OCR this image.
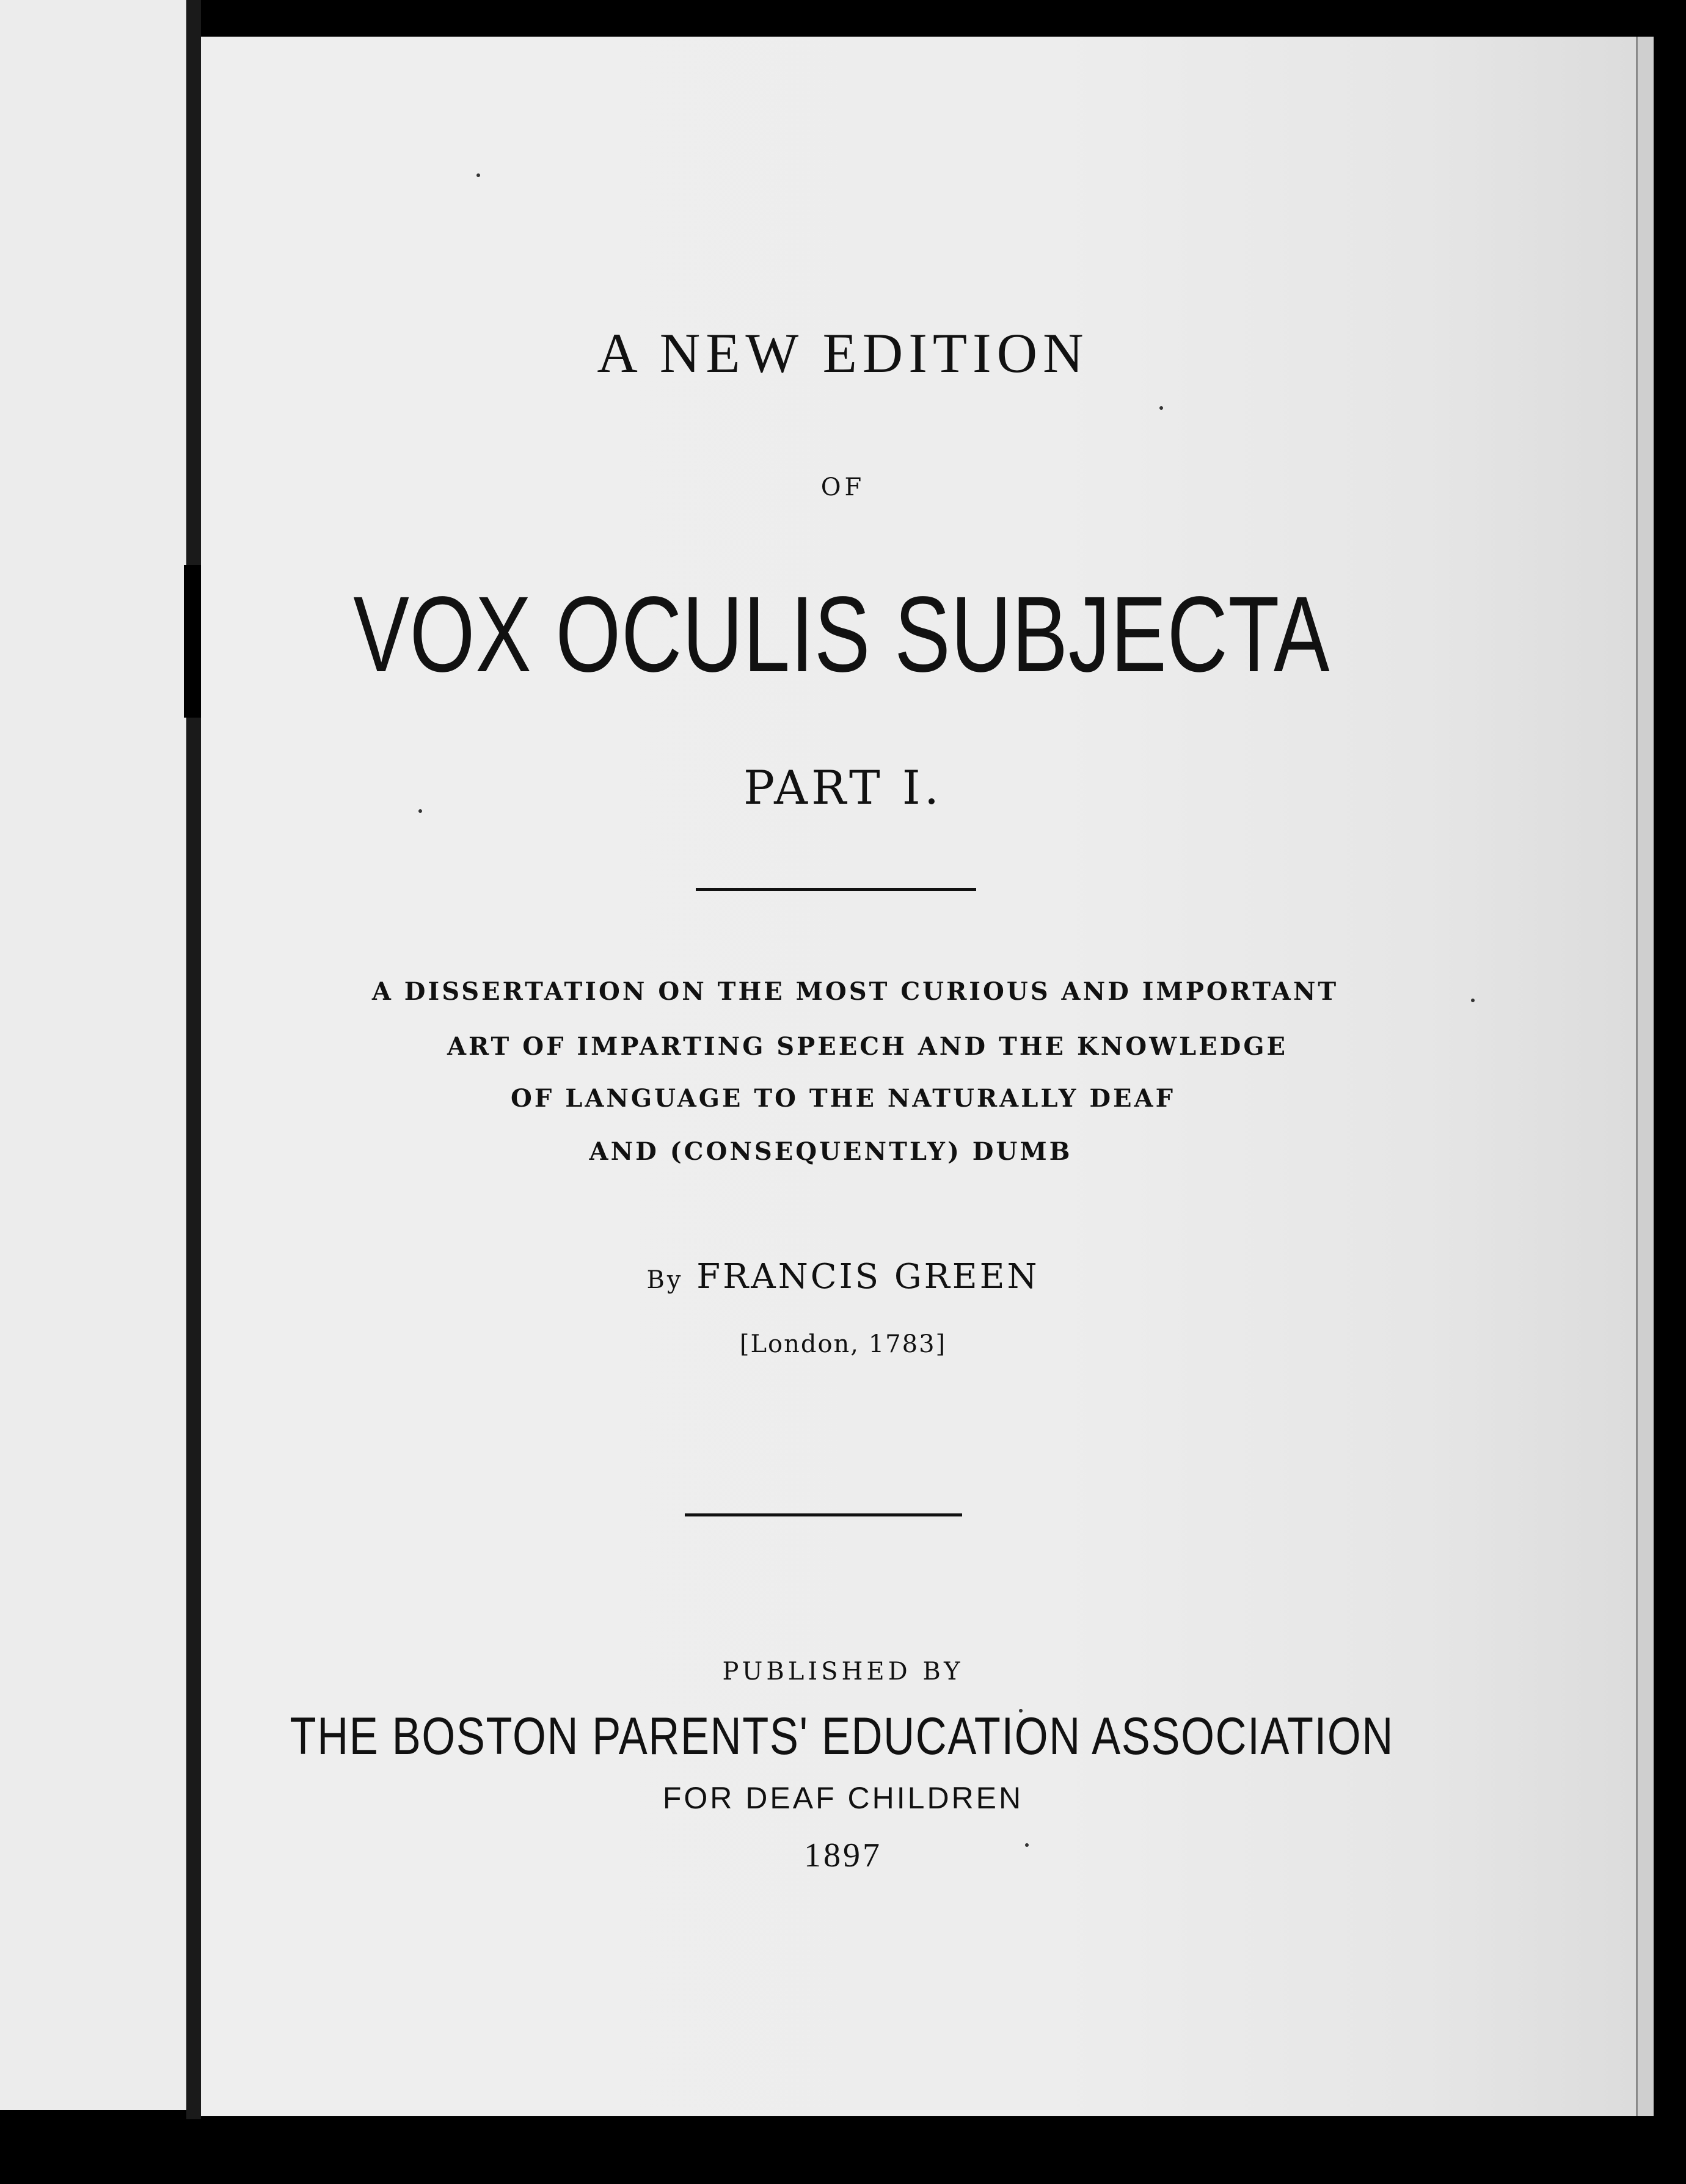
A NEW EDITION
OF
VOX OCULIS SUBJECTA
PART I.
A DISSERTATION ON THE MOST CURIOUS AND IMPORTANT
ART OF IMPARTING SPEECH AND THE KNOWLEDGE
OF LANGUAGE TO THE NATURALLY DEAF
AND (CONSEQUENTLY) DUMB
By FRANCIS GREEN
[London, 1783]
PUBLISHED BY
THE BOSTON PARENTS' EDUCATION ASSOCIATION
FOR DEAF CHILDREN
1897
